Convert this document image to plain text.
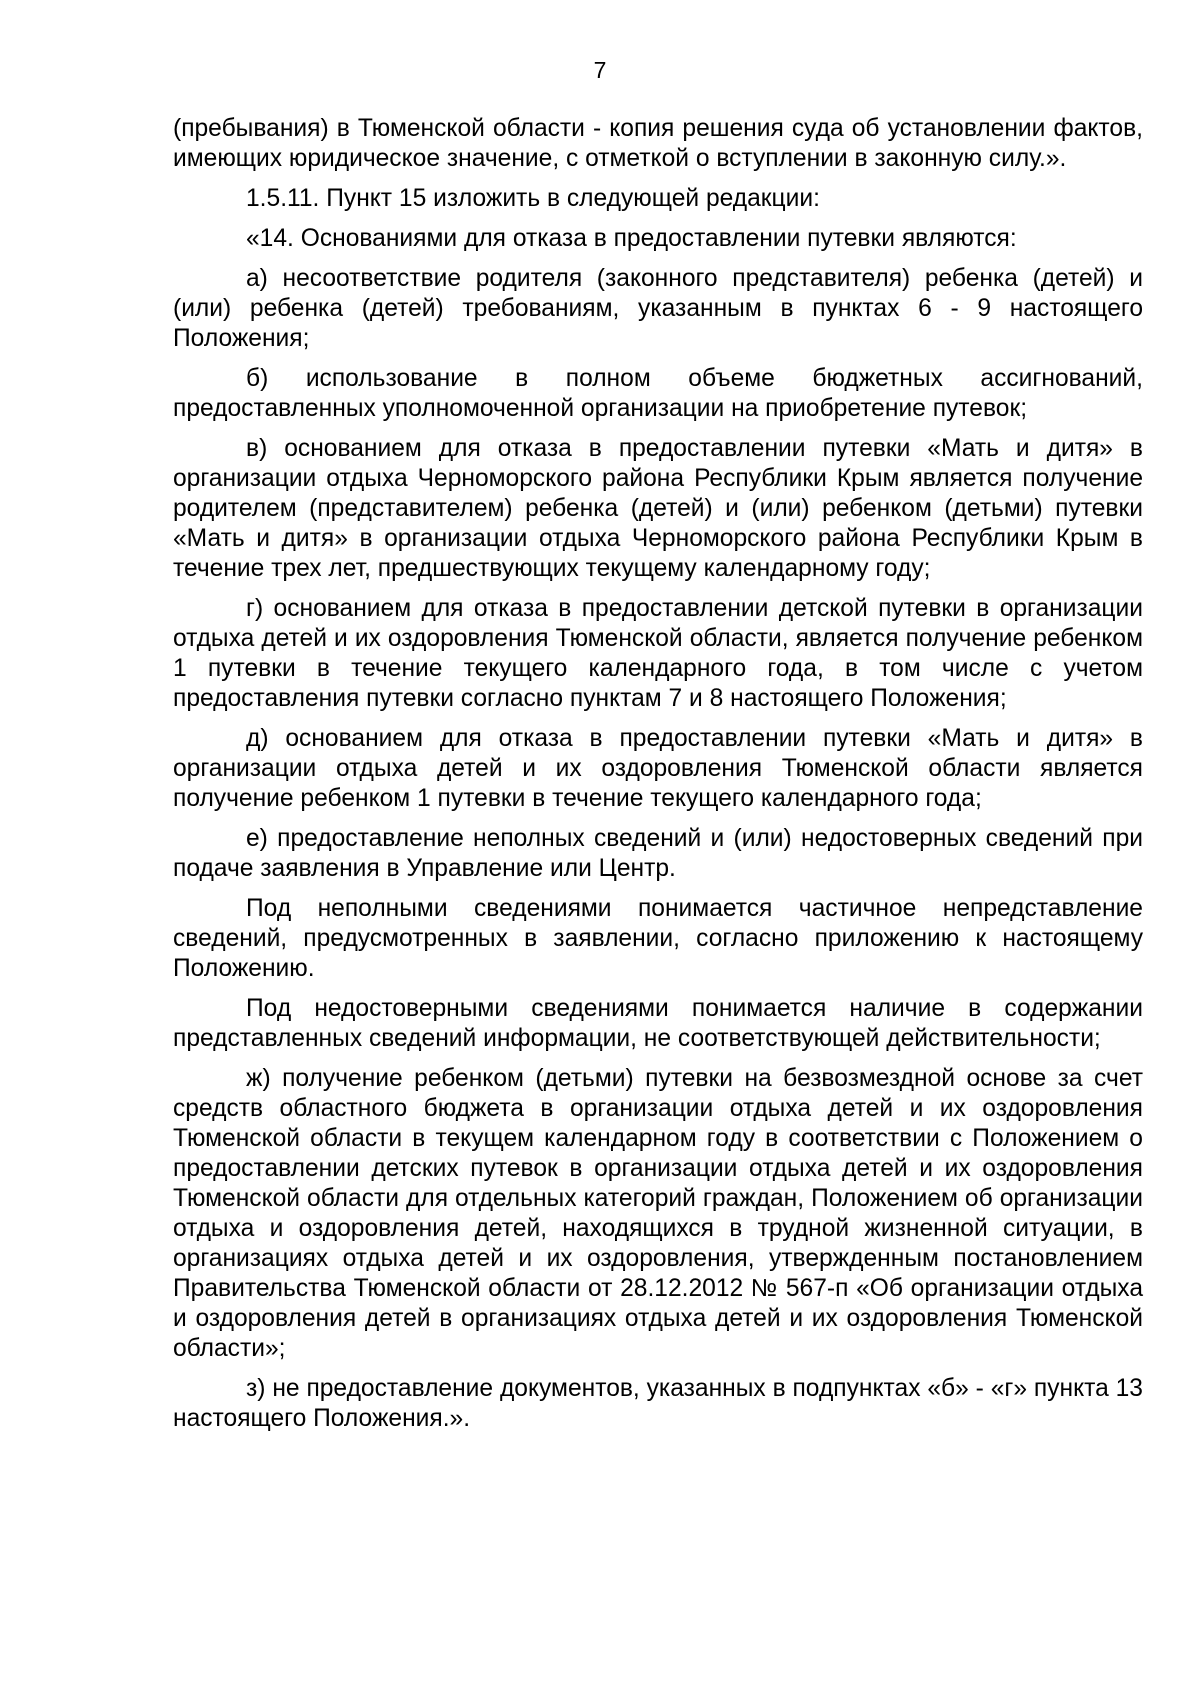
7

(пребывания) в Тюменской области - копия решения суда об установлении фактов, имеющих юридическое значение, с отметкой о вступлении в законную силу.».

1.5.11. Пункт 15 изложить в следующей редакции:

«14. Основаниями для отказа в предоставлении путевки являются:

а) несоответствие родителя (законного представителя) ребенка (детей) и (или) ребенка (детей) требованиям, указанным в пунктах 6 - 9 настоящего Положения;

б) использование в полном объеме бюджетных ассигнований, предоставленных уполномоченной организации на приобретение путевок;

в) основанием для отказа в предоставлении путевки «Мать и дитя» в организации отдыха Черноморского района Республики Крым является получение родителем (представителем) ребенка (детей) и (или) ребенком (детьми) путевки «Мать и дитя» в организации отдыха Черноморского района Республики Крым в течение трех лет, предшествующих текущему календарному году;

г) основанием для отказа в предоставлении детской путевки в организации отдыха детей и их оздоровления Тюменской области, является получение ребенком 1 путевки в течение текущего календарного года, в том числе с учетом предоставления путевки согласно пунктам 7 и 8 настоящего Положения;

д) основанием для отказа в предоставлении путевки «Мать и дитя» в организации отдыха детей и их оздоровления Тюменской области является получение ребенком 1 путевки в течение текущего календарного года;

е) предоставление неполных сведений и (или) недостоверных сведений при подаче заявления в Управление или Центр.

Под неполными сведениями понимается частичное непредставление сведений, предусмотренных в заявлении, согласно приложению к настоящему Положению.

Под недостоверными сведениями понимается наличие в содержании представленных сведений информации, не соответствующей действительности;

ж) получение ребенком (детьми) путевки на безвозмездной основе за счет средств областного бюджета в организации отдыха детей и их оздоровления Тюменской области в текущем календарном году в соответствии с Положением о предоставлении детских путевок в организации отдыха детей и их оздоровления Тюменской области для отдельных категорий граждан, Положением об организации отдыха и оздоровления детей, находящихся в трудной жизненной ситуации, в организациях отдыха детей и их оздоровления, утвержденным постановлением Правительства Тюменской области от 28.12.2012 № 567-п «Об организации отдыха и оздоровления детей в организациях отдыха детей и их оздоровления Тюменской области»;

з) не предоставление документов, указанных в подпунктах «б» - «г» пункта 13 настоящего Положения.».
